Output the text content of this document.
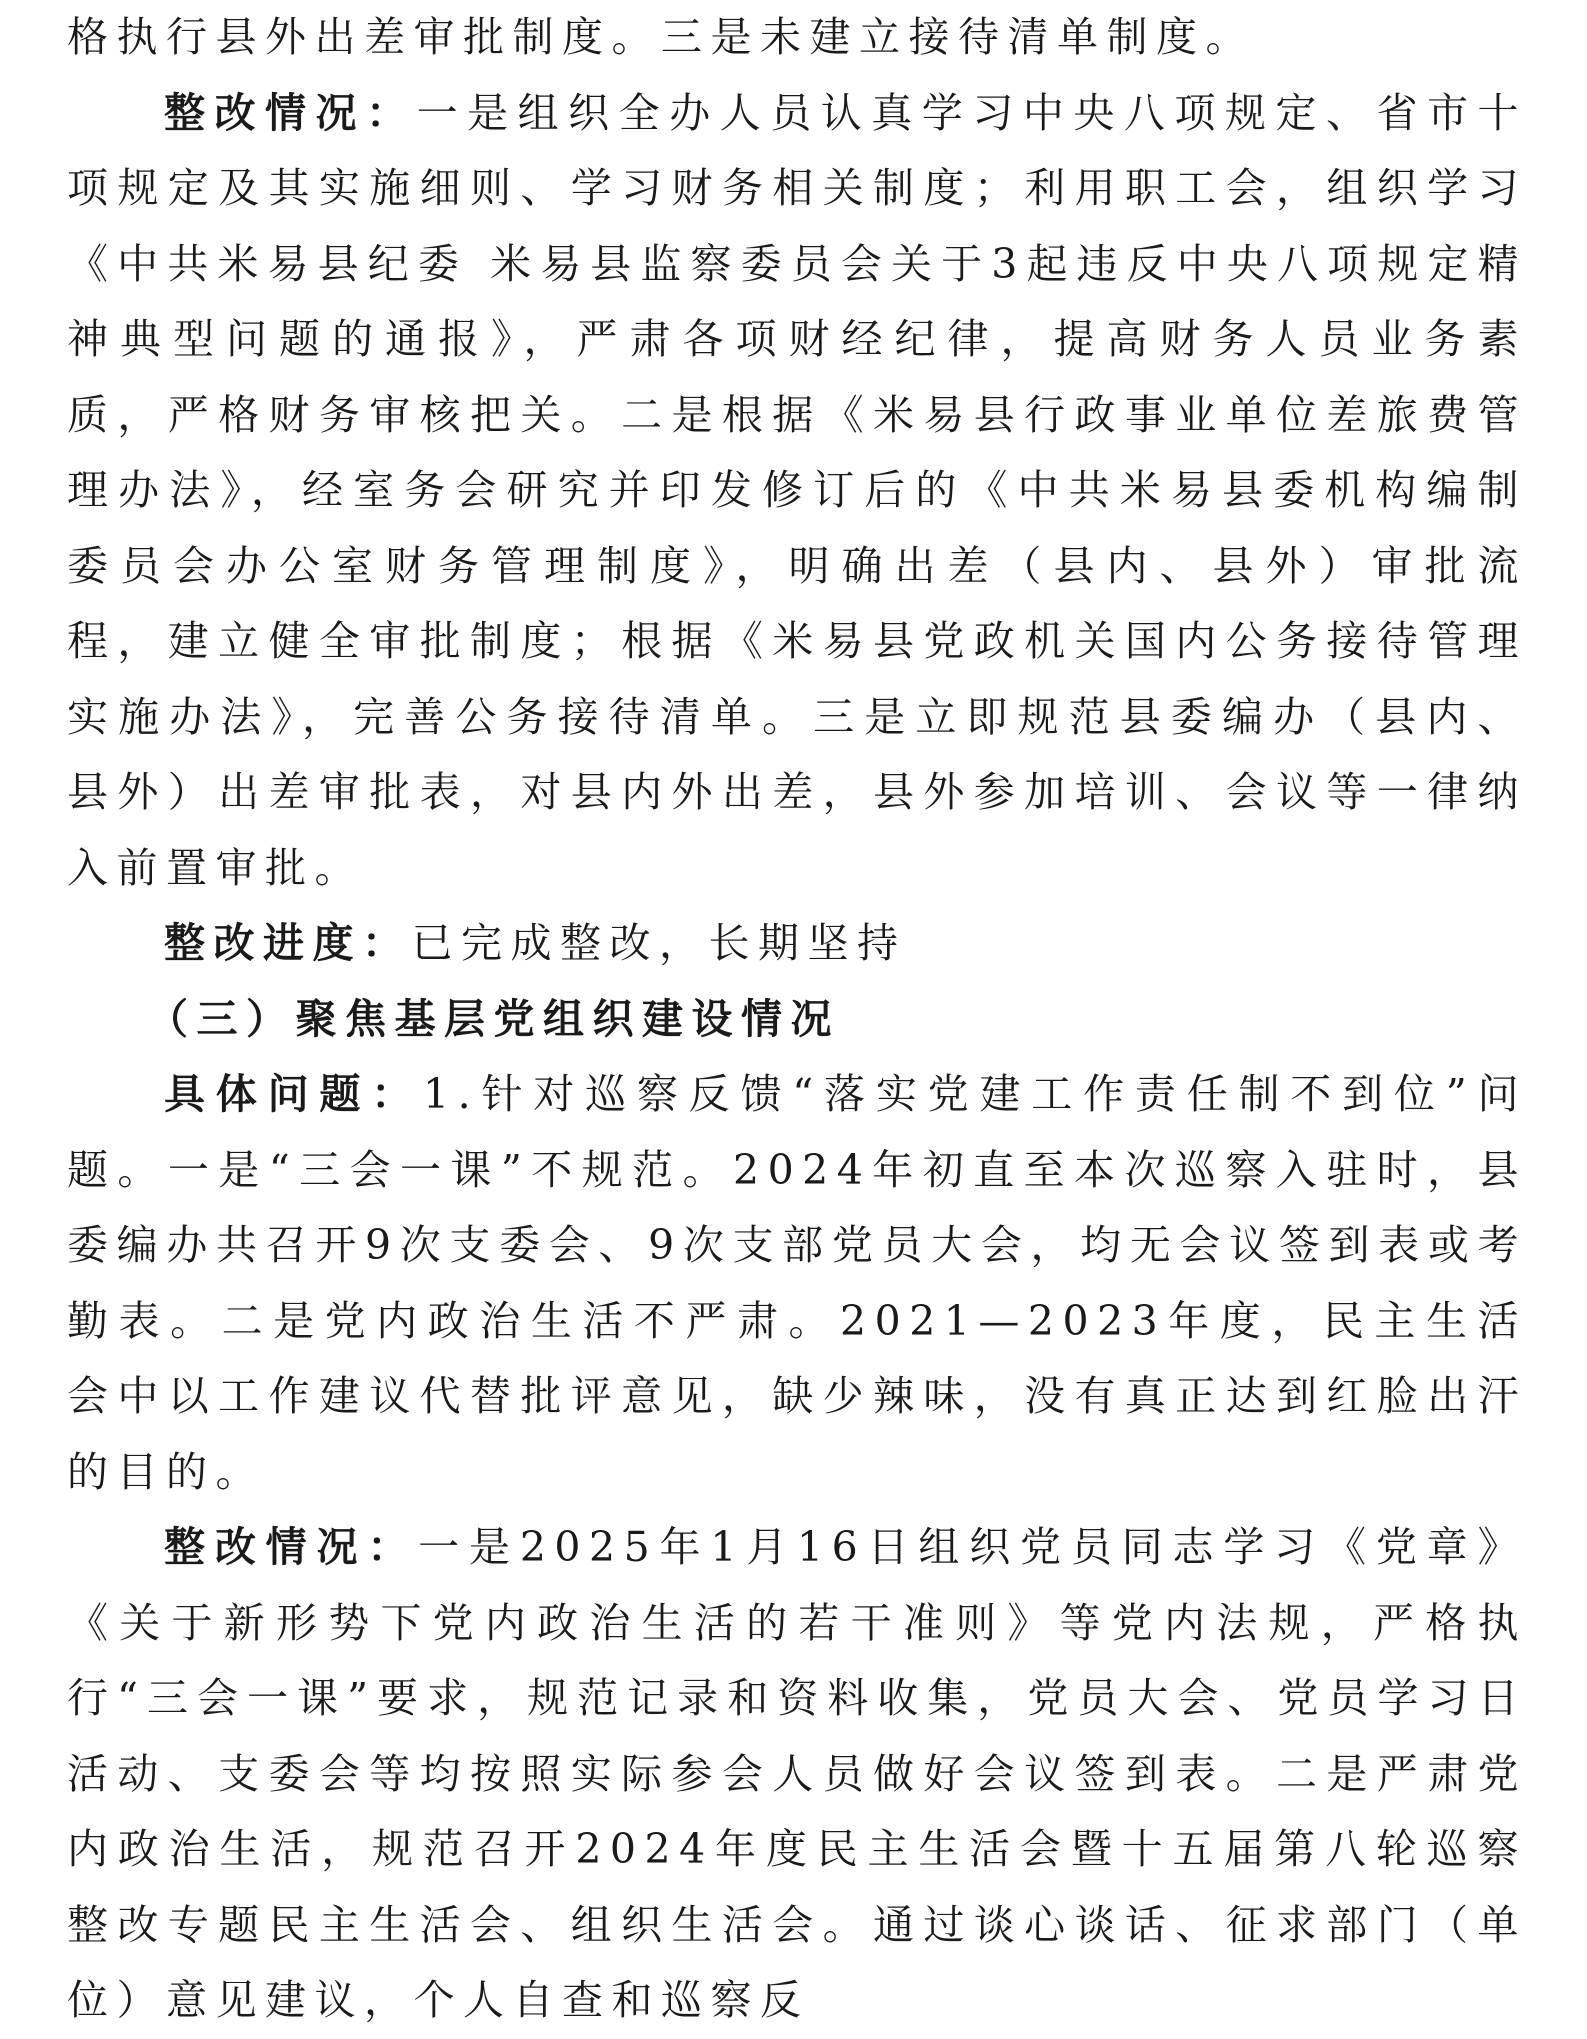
格执行县外出差审批制度。三是未建立接待清单制度。

整改情况：一是组织全办人员认真学习中央八项规定、省市十项规定及其实施细则、学习财务相关制度；利用职工会，组织学习《中共米易县纪委 米易县监察委员会关于3起违反中央八项规定精神典型问题的通报》，严肃各项财经纪律，提高财务人员业务素质，严格财务审核把关。二是根据《米易县行政事业单位差旅费管理办法》，经室务会研究并印发修订后的《中共米易县委机构编制委员会办公室财务管理制度》，明确出差（县内、县外）审批流程，建立健全审批制度；根据《米易县党政机关国内公务接待管理实施办法》，完善公务接待清单。三是立即规范县委编办（县内、县外）出差审批表，对县内外出差，县外参加培训、会议等一律纳入前置审批。

整改进度：已完成整改，长期坚持

（三）聚焦基层党组织建设情况

具体问题：1.针对巡察反馈“落实党建工作责任制不到位”问题。一是“三会一课”不规范。2024年初直至本次巡察入驻时，县委编办共召开9次支委会、9次支部党员大会，均无会议签到表或考勤表。二是党内政治生活不严肃。2021—2023年度，民主生活会中以工作建议代替批评意见，缺少辣味，没有真正达到红脸出汗的目的。

整改情况：一是2025年1月16日组织党员同志学习《党章》《关于新形势下党内政治生活的若干准则》等党内法规，严格执行“三会一课”要求，规范记录和资料收集，党员大会、党员学习日活动、支委会等均按照实际参会人员做好会议签到表。二是严肃党内政治生活，规范召开2024年度民主生活会暨十五届第八轮巡察整改专题民主生活会、组织生活会。通过谈心谈话、征求部门（单位）意见建议，个人自查和巡察反
